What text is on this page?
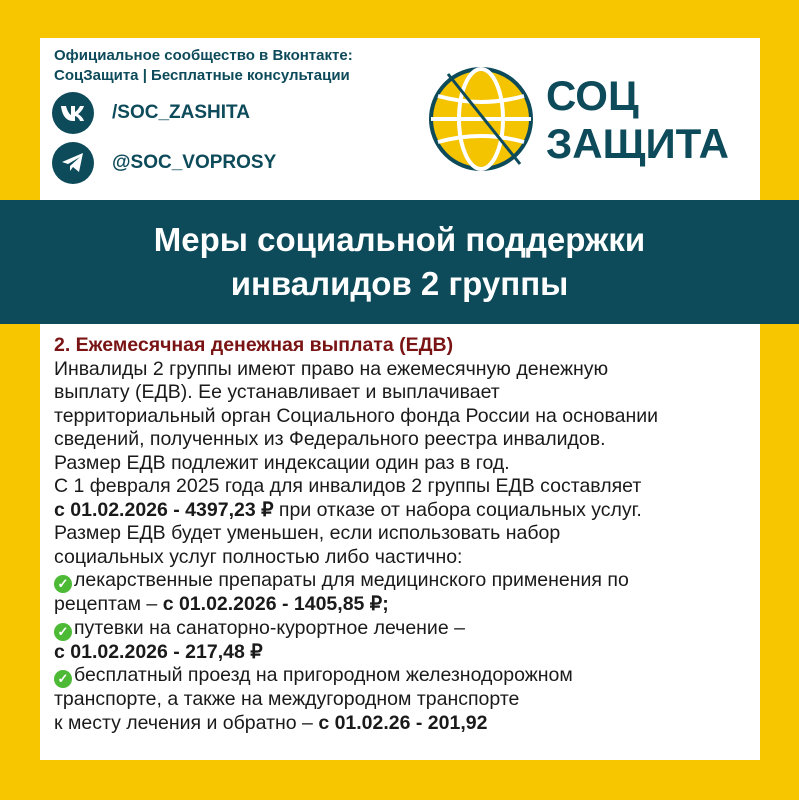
Официальное сообщество в Вконтакте:
СоцЗащита | Бесплатные консультации
/SOC_ZASHITA
@SOC_VOPROSY
СОЦ
ЗАЩИТА
Меры социальной поддержки
инвалидов 2 группы
2. Ежемесячная денежная выплата (ЕДВ)
Инвалиды 2 группы имеют право на ежемесячную денежную
выплату (ЕДВ). Ее устанавливает и выплачивает
территориальный орган Социального фонда России на основании
сведений, полученных из Федерального реестра инвалидов.
Размер ЕДВ подлежит индексации один раз в год.
С 1 февраля 2025 года для инвалидов 2 группы ЕДВ составляет
с 01.02.2026 - 4397,23 ₽ при отказе от набора социальных услуг.
Размер ЕДВ будет уменьшен, если использовать набор
социальных услуг полностью либо частично:
✓ лекарственные препараты для медицинского применения по
рецептам – с 01.02.2026 - 1405,85 ₽;
✓ путевки на санаторно-курортное лечение –
с 01.02.2026 - 217,48 ₽
✓ бесплатный проезд на пригородном железнодорожном
транспорте, а также на междугородном транспорте
к месту лечения и обратно – с 01.02.26 - 201,92
